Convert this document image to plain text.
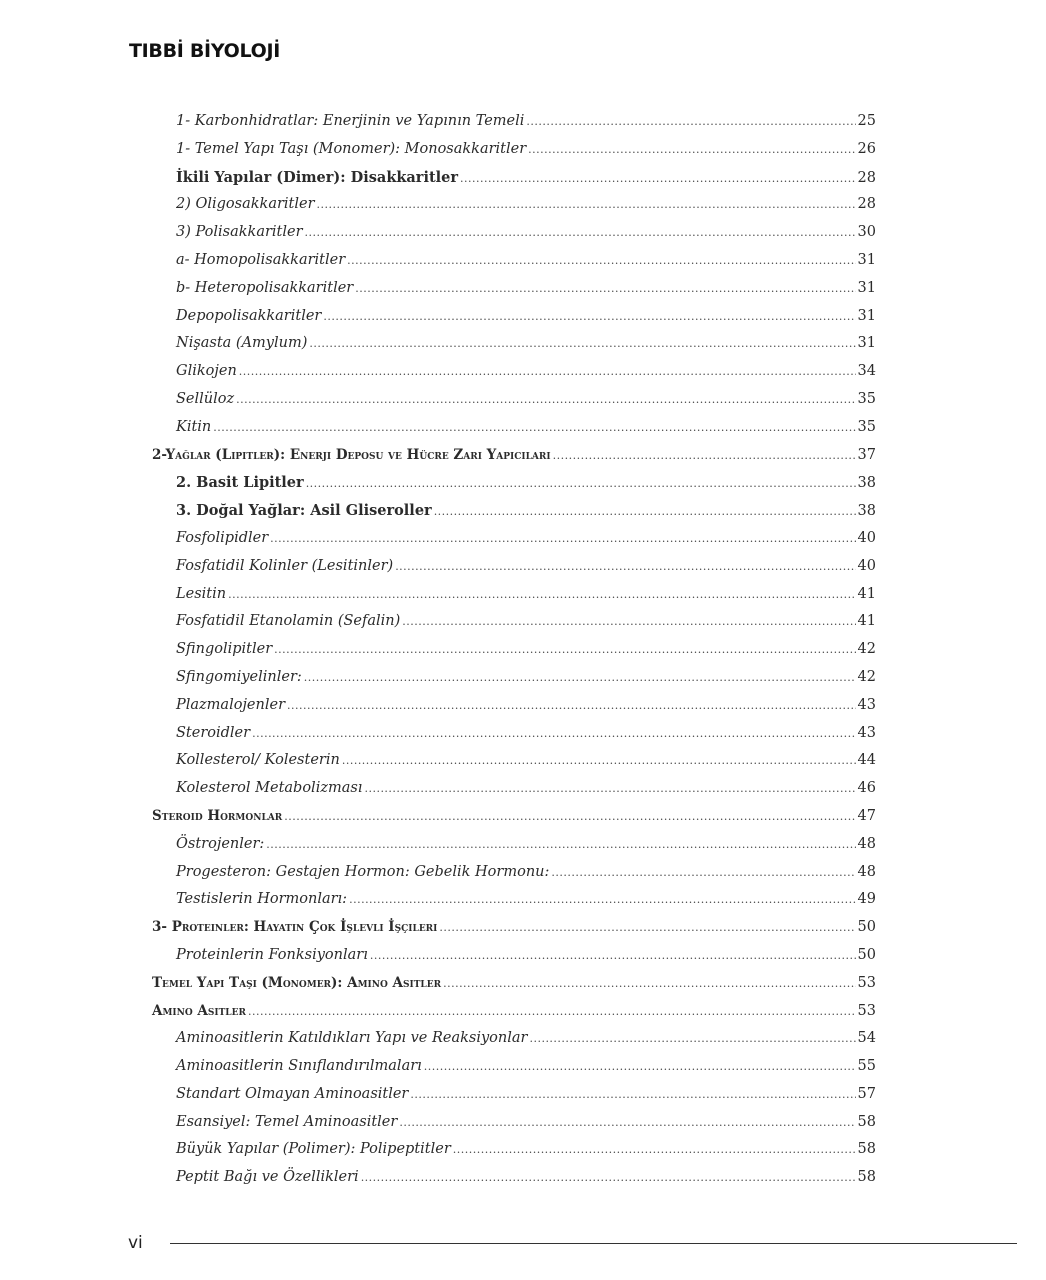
TIBBİ BİYOLOJİ
1- Karbonhidratlar: Enerjinin ve Yapının Temeli .....	25
1- Temel Yapı Taşı (Monomer): Monosakkaritler .....	26
İkili Yapılar (Dimer): Disakkaritler .....	28
2) Oligosakkaritler .....	28
3) Polisakkaritler .....	30
a- Homopolisakkaritler .....	31
b- Heteropolisakkaritler .....	31
Depopolisakkaritler .....	31
Nişasta (Amylum) .....	31
Glikojen .....	34
Sellüloz .....	35
Kitin .....	35
2-Yağlar (Lipitler): Enerji Deposu ve Hücre Zarı Yapıcıları .....	37
2. Basit Lipitler .....	38
3. Doğal Yağlar: Asil Gliseroller .....	38
Fosfolipidler .....	40
Fosfatidil Kolinler (Lesitinler) .....	40
Lesitin .....	41
Fosfatidil Etanolamin (Sefalin) .....	41
Sfingolipitler .....	42
Sfingomiyelinler: .....	42
Plazmalojenler .....	43
Steroidler .....	43
Kollesterol/ Kolesterin .....	44
Kolesterol Metabolizması .....	46
Steroid Hormonlar .....	47
Östrojenler: .....	48
Progesteron: Gestajen Hormon: Gebelik Hormonu: .....	48
Testislerin Hormonları: .....	49
3- Proteinler: Hayatın Çok İşlevli İşçileri .....	50
Proteinlerin Fonksiyonları .....	50
Temel Yapı Taşı (Monomer): Amino Asitler .....	53
Amino Asitler .....	53
Aminoasitlerin Katıldıkları Yapı ve Reaksiyonlar .....	54
Aminoasitlerin Sınıflandırılmaları .....	55
Standart Olmayan Aminoasitler .....	57
Esansiyel: Temel Aminoasitler .....	58
Büyük Yapılar (Polimer): Polipeptitler .....	58
Peptit Bağı ve Özellikleri .....	58
vi
